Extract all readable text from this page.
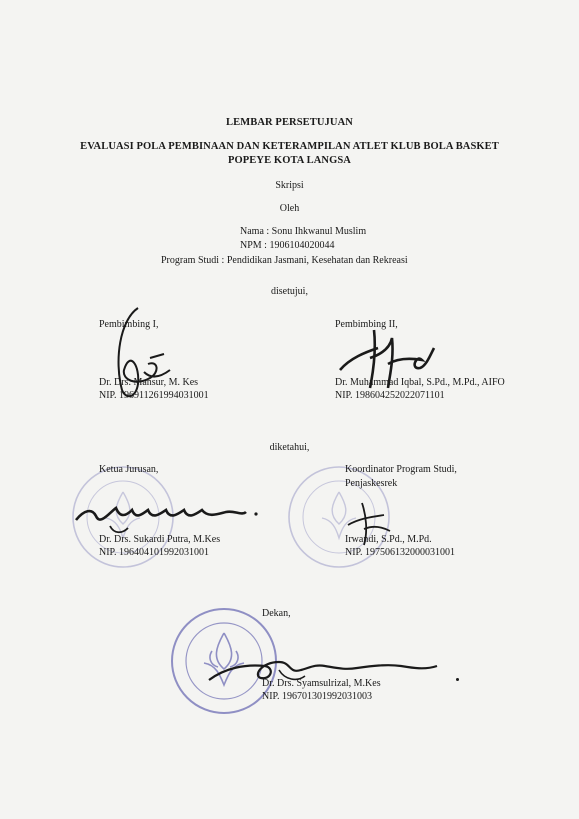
LEMBAR PERSETUJUAN
EVALUASI POLA PEMBINAAN DAN KETERAMPILAN ATLET KLUB BOLA BASKET
POPEYE KOTA LANGSA
Skripsi
Oleh
Nama : Sonu Ihkwanul Muslim
NPM : 1906104020044
Program Studi : Pendidikan Jasmani, Kesehatan dan Rekreasi
disetujui,
Pembimbing I,
Dr. Drs. Mansur, M. Kes
NIP. 196911261994031001
Pembimbing II,
Dr. Muhammad Iqbal, S.Pd., M.Pd., AIFO
NIP. 198604252022071101
diketahui,
Ketua Jurusan,
Dr. Drs. Sukardi Putra, M.Kes
NIP. 196404101992031001
Koordinator Program Studi,
Penjaskesrek
Irwandi, S.Pd., M.Pd.
NIP. 197506132000031001
Dekan,
Dr. Drs. Syamsulrizal, M.Kes
NIP. 196701301992031003
